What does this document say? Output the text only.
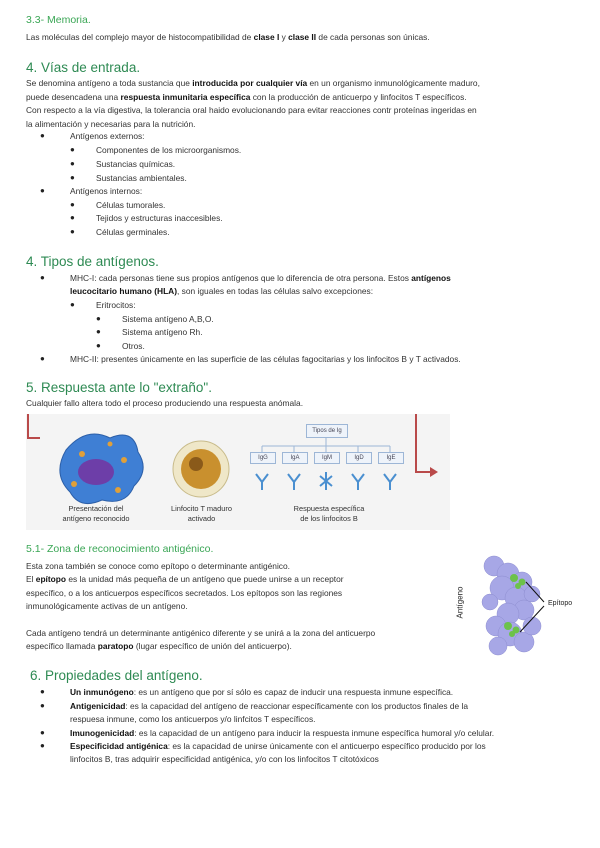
3.3- Memoria.
Las moléculas del complejo mayor de histocompatibilidad de clase I y clase II de cada personas son únicas.
4. Vías de entrada.
Se denomina antígeno a toda sustancia que introducida por cualquier vía en un organismo inmunológicamente maduro,
puede desencadena una respuesta inmunitaria específica con la producción de anticuerpo y linfocitos T específicos.
Con respecto a la vía digestiva, la tolerancia oral haido evolucionando para evitar reacciones contr proteínas ingeridas en
la alimentación y necesarias para la nutrición.
●	Antígenos externos:
●	Componentes de los microorganismos.
●	Sustancias químicas.
●	Sustancias ambientales.
●	Antígenos internos:
●	Células tumorales.
●	Tejidos y estructuras inaccesibles.
●	Células germinales.
4. Tipos de antígenos.
●	MHC-I: cada personas tiene sus propios antígenos que lo diferencia de otra persona. Estos antígenos
leucocitario humano (HLA), son iguales en todas las células salvo excepciones:
●	Eritrocitos:
●	Sistema antígeno A,B,O.
●	Sistema antígeno Rh.
●	Otros.
●	MHC-II: presentes únicamente en las superficie de las células fagocitarias y los linfocitos B y T activados.
5. Respuesta ante lo "extraño".
Cualquier fallo altera todo el proceso produciendo una respuesta anómala.
Tipos de Ig
IgG	IgA	IgM	IgD	IgE
Presentación del
antígeno reconocido
Linfocito T maduro
activado
Respuesta específica
de los linfocitos B
5.1- Zona de reconocimiento antigénico.
Esta zona también se conoce como epítopo o determinante antigénico.
El epítopo es la unidad más pequeña de un antígeno que puede unirse a un receptor
específico, o a los anticuerpos específicos secretados. Los epítopos son las regiones
inmunológicamente activas de un antígeno.
Cada antígeno tendrá un determinante antigénico diferente y se unirá a la zona del anticuerpo
específico llamada paratopo (lugar específico de unión del anticuerpo).
Antígeno	Epítopo
6. Propiedades del antígeno.
●	Un inmunógeno: es un antígeno que por sí sólo es capaz de inducir una respuesta inmune específica.
●	Antigenicidad: es la capacidad del antígeno de reaccionar específicamente con los productos finales de la
respuesa inmune, como los anticuerpos y/o linfcitos T específicos.
●	Imunogenicidad: es la capacidad de un antígeno para inducir la respuesta inmune específica humoral y/o celular.
●	Especificidad antigénica: es la capacidad de unirse únicamente con el anticuerpo específico producido por los
linfocitos B, tras adquirir especificidad antigénica, y/o con los linfocitos T citotóxicos
